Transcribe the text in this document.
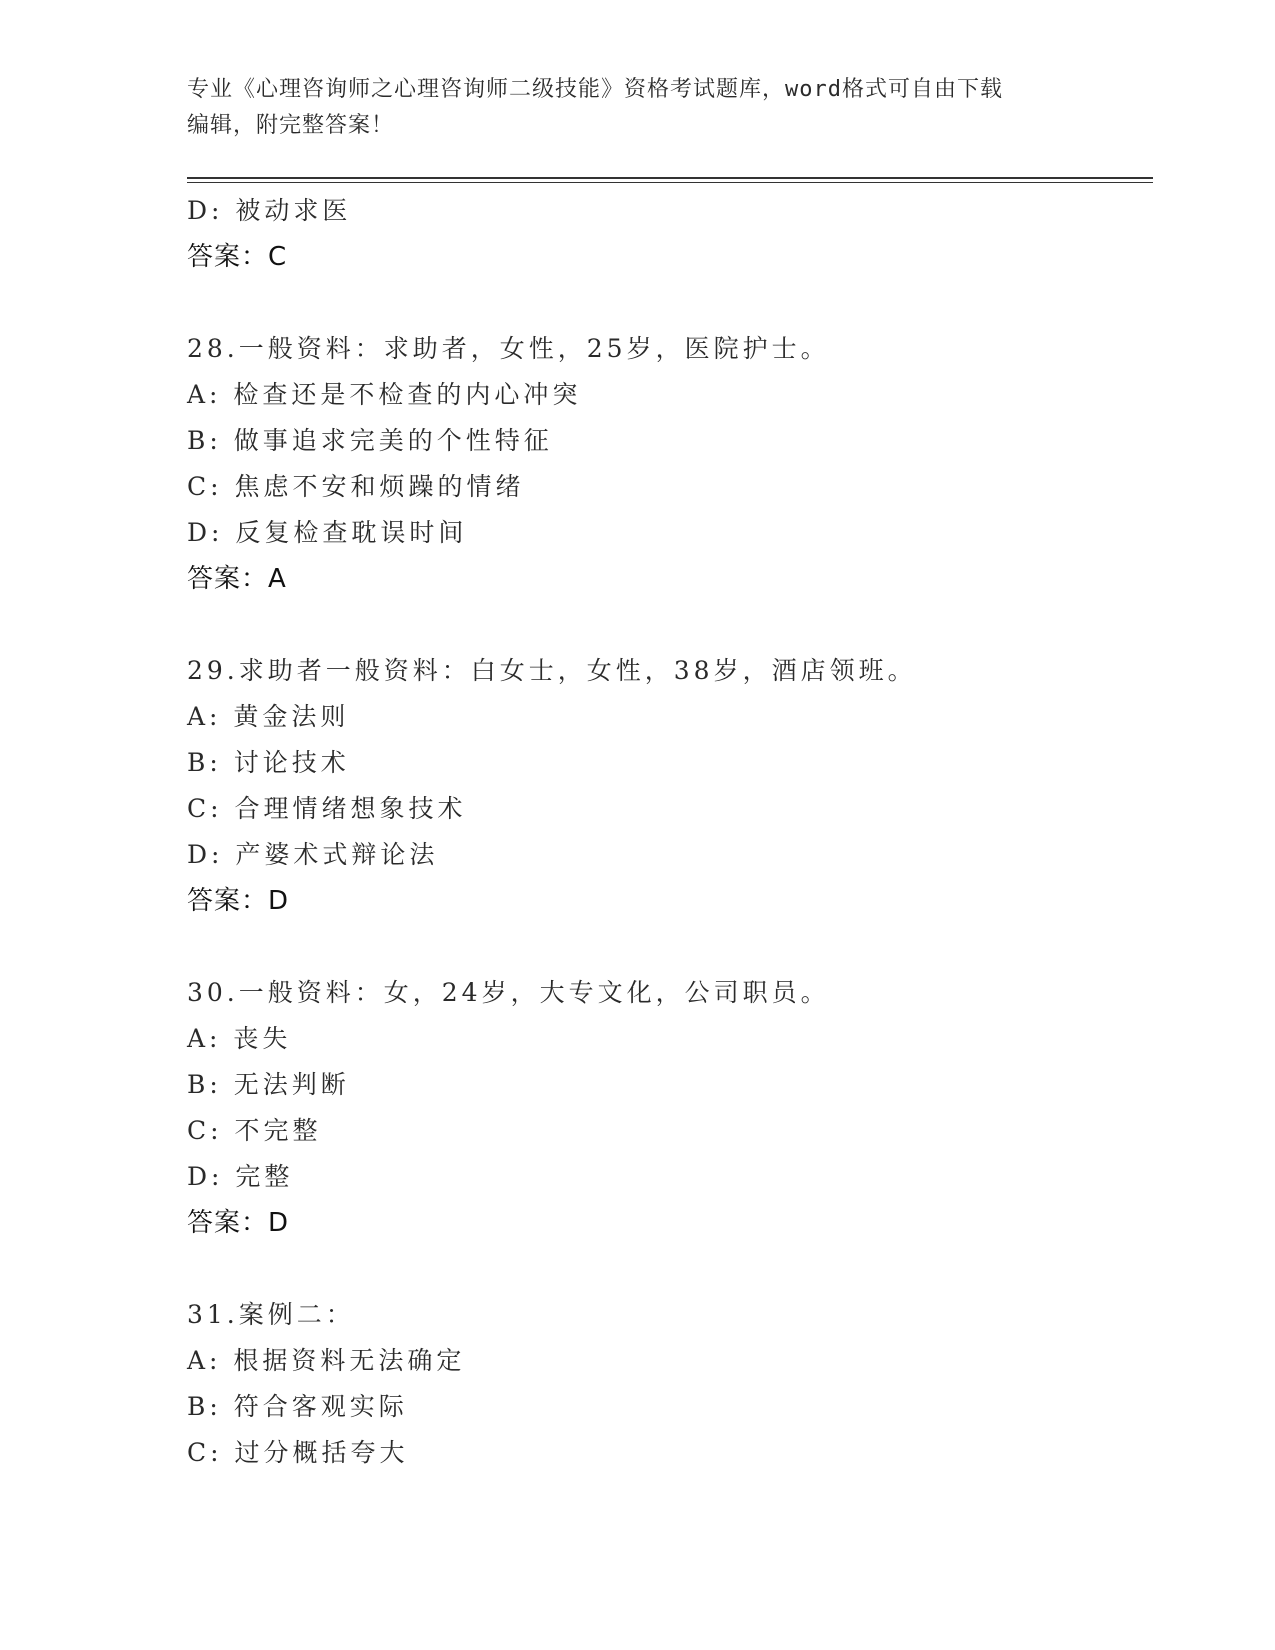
专业《心理咨询师之心理咨询师二级技能》资格考试题库，word格式可自由下载
编辑，附完整答案！
D: 被动求医
答案：C
28.一般资料：求助者，女性，25岁，医院护士。
A: 检查还是不检查的内心冲突
B: 做事追求完美的个性特征
C: 焦虑不安和烦躁的情绪
D: 反复检查耽误时间
答案：A
29.求助者一般资料：白女士，女性，38岁，酒店领班。
A: 黄金法则
B: 讨论技术
C: 合理情绪想象技术
D: 产婆术式辩论法
答案：D
30.一般资料：女，24岁，大专文化，公司职员。
A: 丧失
B: 无法判断
C: 不完整
D: 完整
答案：D
31.案例二：
A: 根据资料无法确定
B: 符合客观实际
C: 过分概括夸大
